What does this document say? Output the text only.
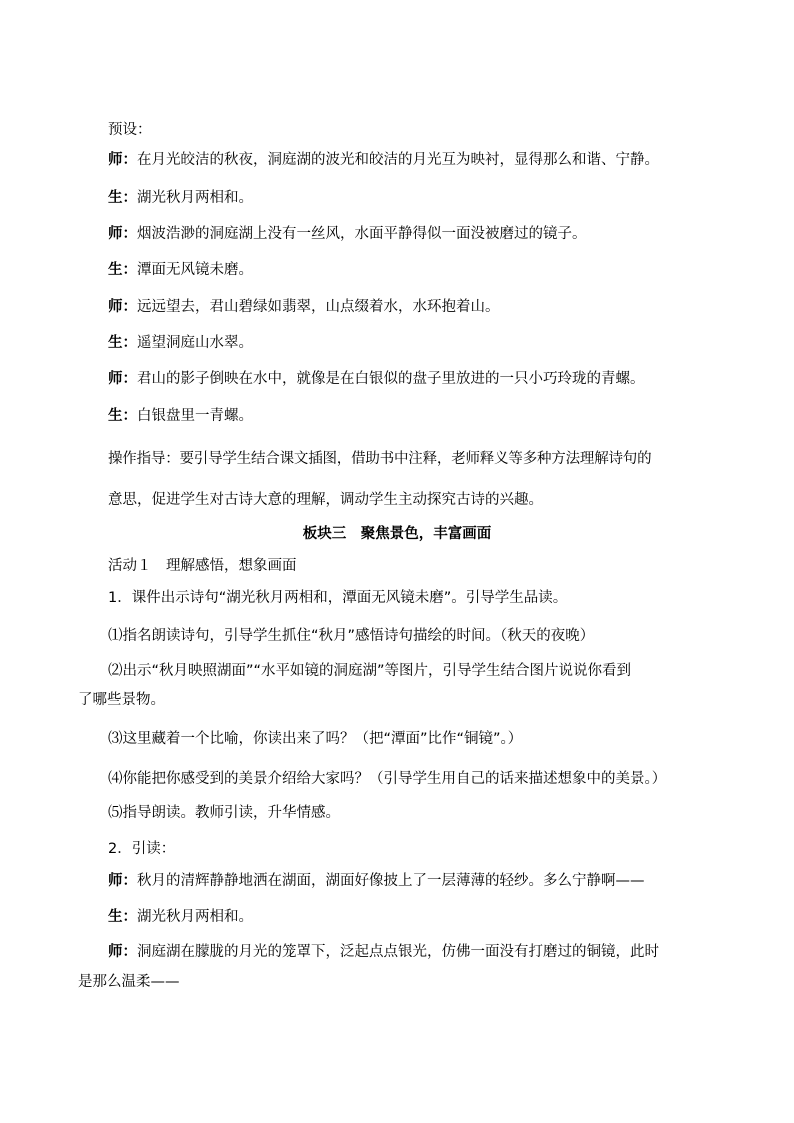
预设：
师：在月光皎洁的秋夜，洞庭湖的波光和皎洁的月光互为映衬，显得那么和谐、宁静。
生：湖光秋月两相和。
师：烟波浩渺的洞庭湖上没有一丝风，水面平静得似一面没被磨过的镜子。
生：潭面无风镜未磨。
师：远远望去，君山碧绿如翡翠，山点缀着水，水环抱着山。
生：遥望洞庭山水翠。
师：君山的影子倒映在水中，就像是在白银似的盘子里放进的一只小巧玲珑的青螺。
生：白银盘里一青螺。
操作指导：要引导学生结合课文插图，借助书中注释，老师释义等多种方法理解诗句的
意思，促进学生对古诗大意的理解，调动学生主动探究古诗的兴趣。
板块三　聚焦景色，丰富画面
活动１　理解感悟，想象画面
1．课件出示诗句“湖光秋月两相和，潭面无风镜未磨”。引导学生品读。
⑴指名朗读诗句，引导学生抓住“秋月”感悟诗句描绘的时间。（秋天的夜晚）
⑵出示“秋月映照湖面”“水平如镜的洞庭湖”等图片，引导学生结合图片说说你看到
了哪些景物。
⑶这里藏着一个比喻，你读出来了吗？（把“潭面”比作“铜镜”。）
⑷你能把你感受到的美景介绍给大家吗？（引导学生用自己的话来描述想象中的美景。）
⑸指导朗读。教师引读，升华情感。
2．引读：
师：秋月的清辉静静地洒在湖面，湖面好像披上了一层薄薄的轻纱。多么宁静啊——
生：湖光秋月两相和。
师：洞庭湖在朦胧的月光的笼罩下，泛起点点银光，仿佛一面没有打磨过的铜镜，此时
是那么温柔——
